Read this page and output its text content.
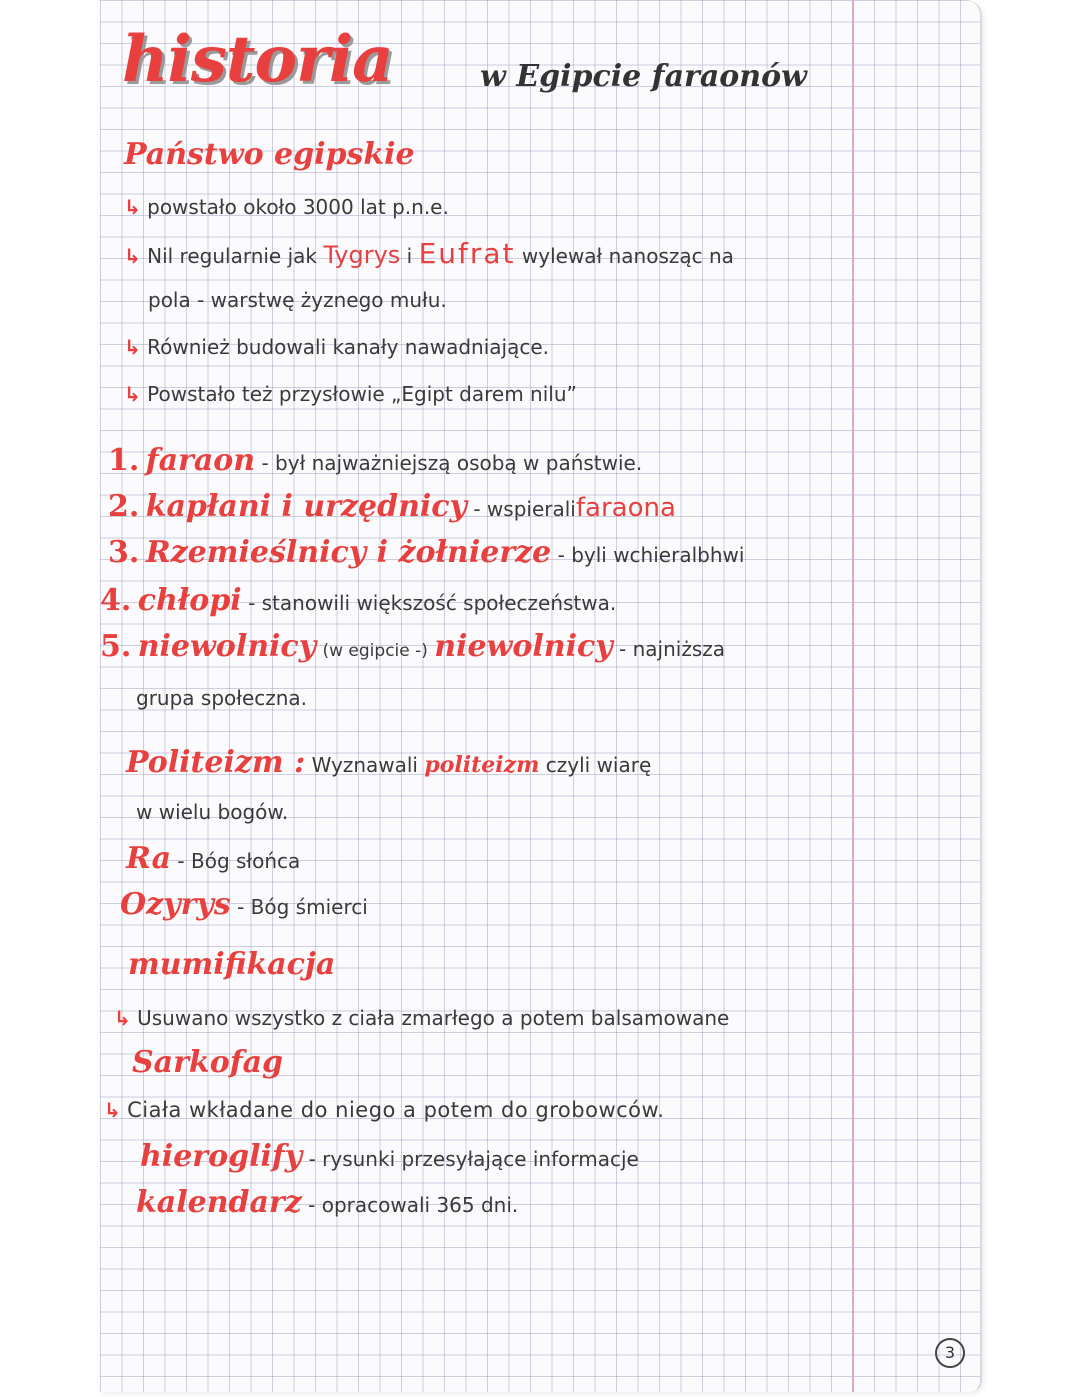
historia	w Egipcie faraonów
Państwo egipskie
↳ powstało około 3000 lat p.n.e.
↳ Nil regularnie jak Tygrys i Eufrat wylewał nanosząc na
pola - warstwę żyznego mułu.
↳ Również budowali kanały nawadniające.
↳ Powstało też przysłowie „Egipt darem nilu”
1. faraon - był najważniejszą osobą w państwie.
2. kapłani i urzędnicy - wspieralifaraona
3. Rzemieślnicy i żołnierze - byli wchieralbhwi
4. chłopi - stanowili większość społeczeństwa.
5. niewolnicy (w egipcie -) niewolnicy - najniższa
grupa społeczna.
Politeizm : Wyznawali politeizm czyli wiarę
w wielu bogów.
Ra - Bóg słońca
Ozyrys - Bóg śmierci
mumifikacja
↳ Usuwano wszystko z ciała zmarłego a potem balsamowane
Sarkofag
↳ Ciała wkładane do niego a potem do grobowców.
hieroglify - rysunki przesyłające informacje
kalendarz - opracowali 365 dni.
3
